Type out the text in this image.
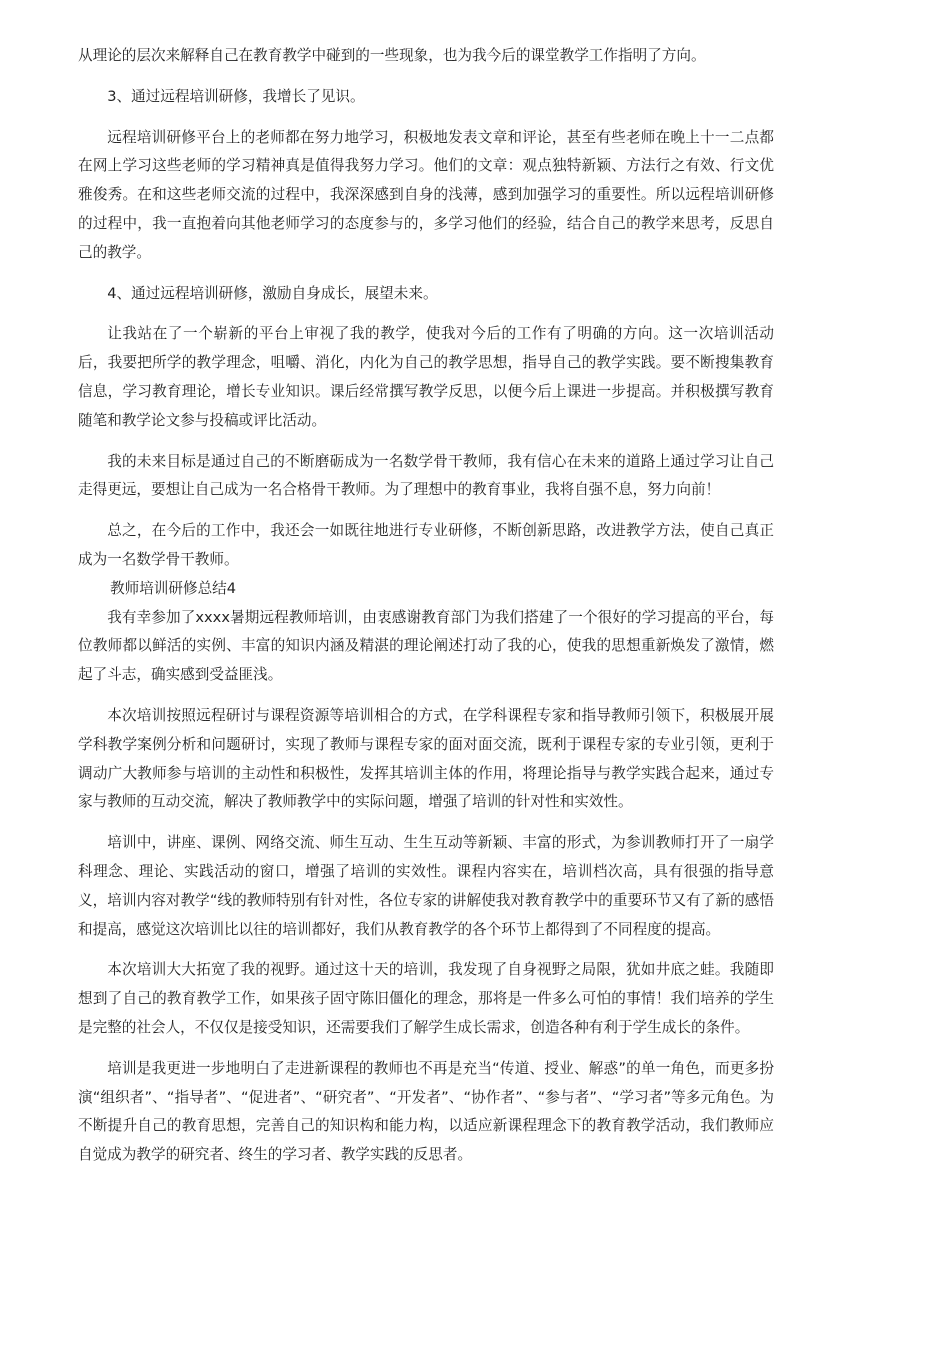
从理论的层次来解释自己在教育教学中碰到的一些现象，也为我今后的课堂教学工作指明了方向。

3、通过远程培训研修，我增长了见识。

远程培训研修平台上的老师都在努力地学习，积极地发表文章和评论，甚至有些老师在晚上十一二点都在网上学习这些老师的学习精神真是值得我努力学习。他们的文章：观点独特新颖、方法行之有效、行文优雅俊秀。在和这些老师交流的过程中，我深深感到自身的浅薄，感到加强学习的重要性。所以远程培训研修的过程中，我一直抱着向其他老师学习的态度参与的，多学习他们的经验，结合自己的教学来思考，反思自己的教学。

4、通过远程培训研修，激励自身成长，展望未来。

让我站在了一个崭新的平台上审视了我的教学，使我对今后的工作有了明确的方向。这一次培训活动后，我要把所学的教学理念，咀嚼、消化，内化为自己的教学思想，指导自己的教学实践。要不断搜集教育信息，学习教育理论，增长专业知识。课后经常撰写教学反思，以便今后上课进一步提高。并积极撰写教育随笔和教学论文参与投稿或评比活动。

我的未来目标是通过自己的不断磨砺成为一名数学骨干教师，我有信心在未来的道路上通过学习让自己走得更远，要想让自己成为一名合格骨干教师。为了理想中的教育事业，我将自强不息，努力向前！

总之，在今后的工作中，我还会一如既往地进行专业研修，不断创新思路，改进教学方法，使自己真正成为一名数学骨干教师。

教师培训研修总结4

我有幸参加了xxxx暑期远程教师培训，由衷感谢教育部门为我们搭建了一个很好的学习提高的平台，每位教师都以鲜活的实例、丰富的知识内涵及精湛的理论阐述打动了我的心，使我的思想重新焕发了激情，燃起了斗志，确实感到受益匪浅。

本次培训按照远程研讨与课程资源等培训相合的方式，在学科课程专家和指导教师引领下，积极展开展学科教学案例分析和问题研讨，实现了教师与课程专家的面对面交流，既利于课程专家的专业引领，更利于调动广大教师参与培训的主动性和积极性，发挥其培训主体的作用，将理论指导与教学实践合起来，通过专家与教师的互动交流，解决了教师教学中的实际问题，增强了培训的针对性和实效性。

培训中，讲座、课例、网络交流、师生互动、生生互动等新颖、丰富的形式，为参训教师打开了一扇学科理念、理论、实践活动的窗口，增强了培训的实效性。课程内容实在，培训档次高，具有很强的指导意义，培训内容对教学“线的教师特别有针对性，各位专家的讲解使我对教育教学中的重要环节又有了新的感悟和提高，感觉这次培训比以往的培训都好，我们从教育教学的各个环节上都得到了不同程度的提高。

本次培训大大拓宽了我的视野。通过这十天的培训，我发现了自身视野之局限，犹如井底之蛙。我随即想到了自己的教育教学工作，如果孩子固守陈旧僵化的理念，那将是一件多么可怕的事情！我们培养的学生是完整的社会人，不仅仅是接受知识，还需要我们了解学生成长需求，创造各种有利于学生成长的条件。

培训是我更进一步地明白了走进新课程的教师也不再是充当“传道、授业、解惑”的单一角色，而更多扮演“组织者”、“指导者”、“促进者”、“研究者”、“开发者”、“协作者”、“参与者”、“学习者”等多元角色。为不断提升自己的教育思想，完善自己的知识构和能力构，以适应新课程理念下的教育教学活动，我们教师应自觉成为教学的研究者、终生的学习者、教学实践的反思者。
